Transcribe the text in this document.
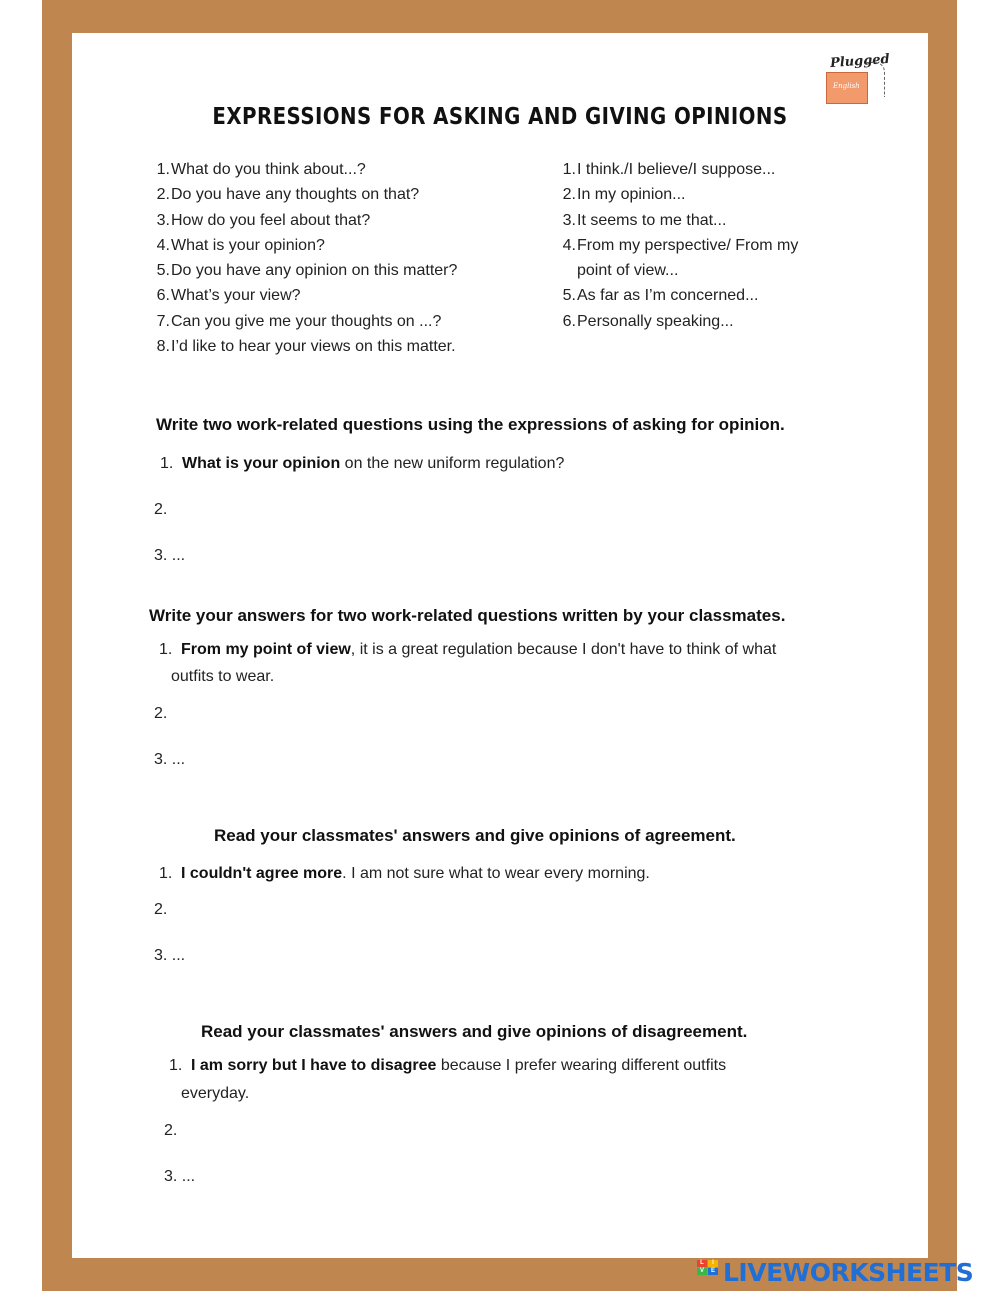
Plugged
English
EXPRESSIONS FOR ASKING AND GIVING OPINIONS
1. What do you think about...?
2. Do you have any thoughts on that?
3. How do you feel about that?
4. What is your opinion?
5. Do you have any opinion on this matter?
6. What’s your view?
7. Can you give me your thoughts on ...?
8. I’d like to hear your views on this matter.
1. I think./I believe/I suppose...
2. In my opinion...
3. It seems to me that...
4. From my perspective/ From my point of view...
5. As far as I’m concerned...
6. Personally speaking...
Write two work-related questions using the expressions of asking for opinion.
1. What is your opinion on the new uniform regulation?
2.
3. ...
Write your answers for two work-related questions written by your classmates.
1. From my point of view, it is a great regulation because I don't have to think of what
outfits to wear.
2.
3. ...
Read your classmates' answers and give opinions of agreement.
1. I couldn't agree more. I am not sure what to wear every morning.
2.
3. ...
Read your classmates' answers and give opinions of disagreement.
1. I am sorry but I have to disagree because I prefer wearing different outfits
everyday.
2.
3. ...
L	I
V	E LIVEWORKSHEETS
